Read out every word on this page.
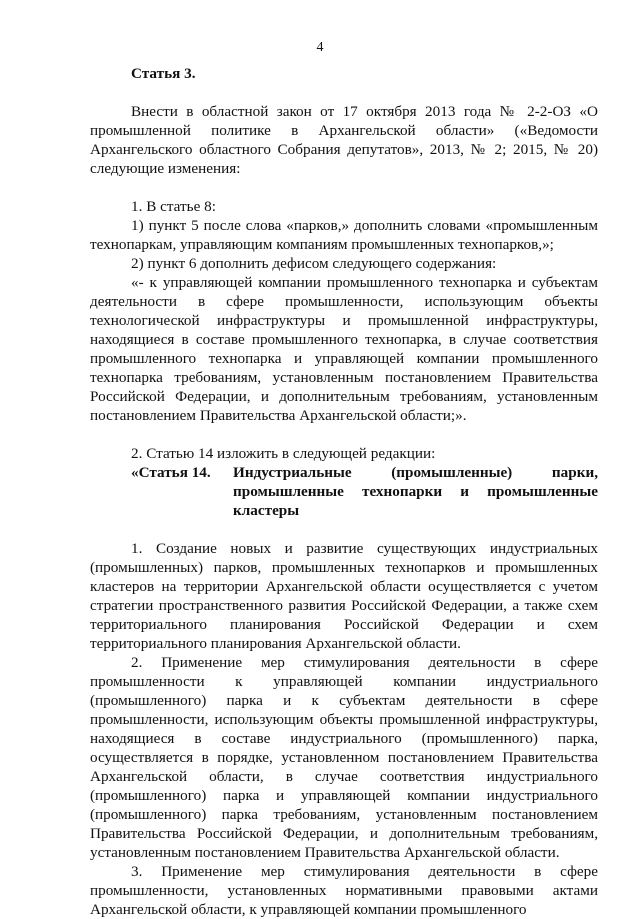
4
Статья 3.
Внести в областной закон от 17 октября 2013 года № 2-2-ОЗ «О промышленной политике в Архангельской области» («Ведомости Архангельского областного Собрания депутатов», 2013, № 2; 2015, № 20) следующие изменения:
1. В статье 8:
1) пункт 5 после слова «парков,» дополнить словами «промышленным технопаркам, управляющим компаниям промышленных технопарков,»;
2) пункт 6 дополнить дефисом следующего содержания:
«- к управляющей компании промышленного технопарка и субъектам деятельности в сфере промышленности, использующим объекты технологической инфраструктуры и промышленной инфраструктуры, находящиеся в составе промышленного технопарка, в случае соответствия промышленного технопарка и управляющей компании промышленного технопарка требованиям, установленным постановлением Правительства Российской Федерации, и дополнительным требованиям, установленным постановлением Правительства Архангельской области;».
2. Статью 14 изложить в следующей редакции:
«Статья 14.	Индустриальные (промышленные) парки, промышленные технопарки и промышленные кластеры
1. Создание новых и развитие существующих индустриальных (промышленных) парков, промышленных технопарков и промышленных кластеров на территории Архангельской области осуществляется с учетом стратегии пространственного развития Российской Федерации, а также схем территориального планирования Российской Федерации и схем территориального планирования Архангельской области.
2. Применение мер стимулирования деятельности в сфере промышленности к управляющей компании индустриального (промышленного) парка и к субъектам деятельности в сфере промышленности, использующим объекты промышленной инфраструктуры, находящиеся в составе индустриального (промышленного) парка, осуществляется в порядке, установленном постановлением Правительства Архангельской области, в случае соответствия индустриального (промышленного) парка и управляющей компании индустриального (промышленного) парка требованиям, установленным постановлением Правительства Российской Федерации, и дополнительным требованиям, установленным постановлением Правительства Архангельской области.
3. Применение мер стимулирования деятельности в сфере промышленности, установленных нормативными правовыми актами Архангельской области, к управляющей компании промышленного
